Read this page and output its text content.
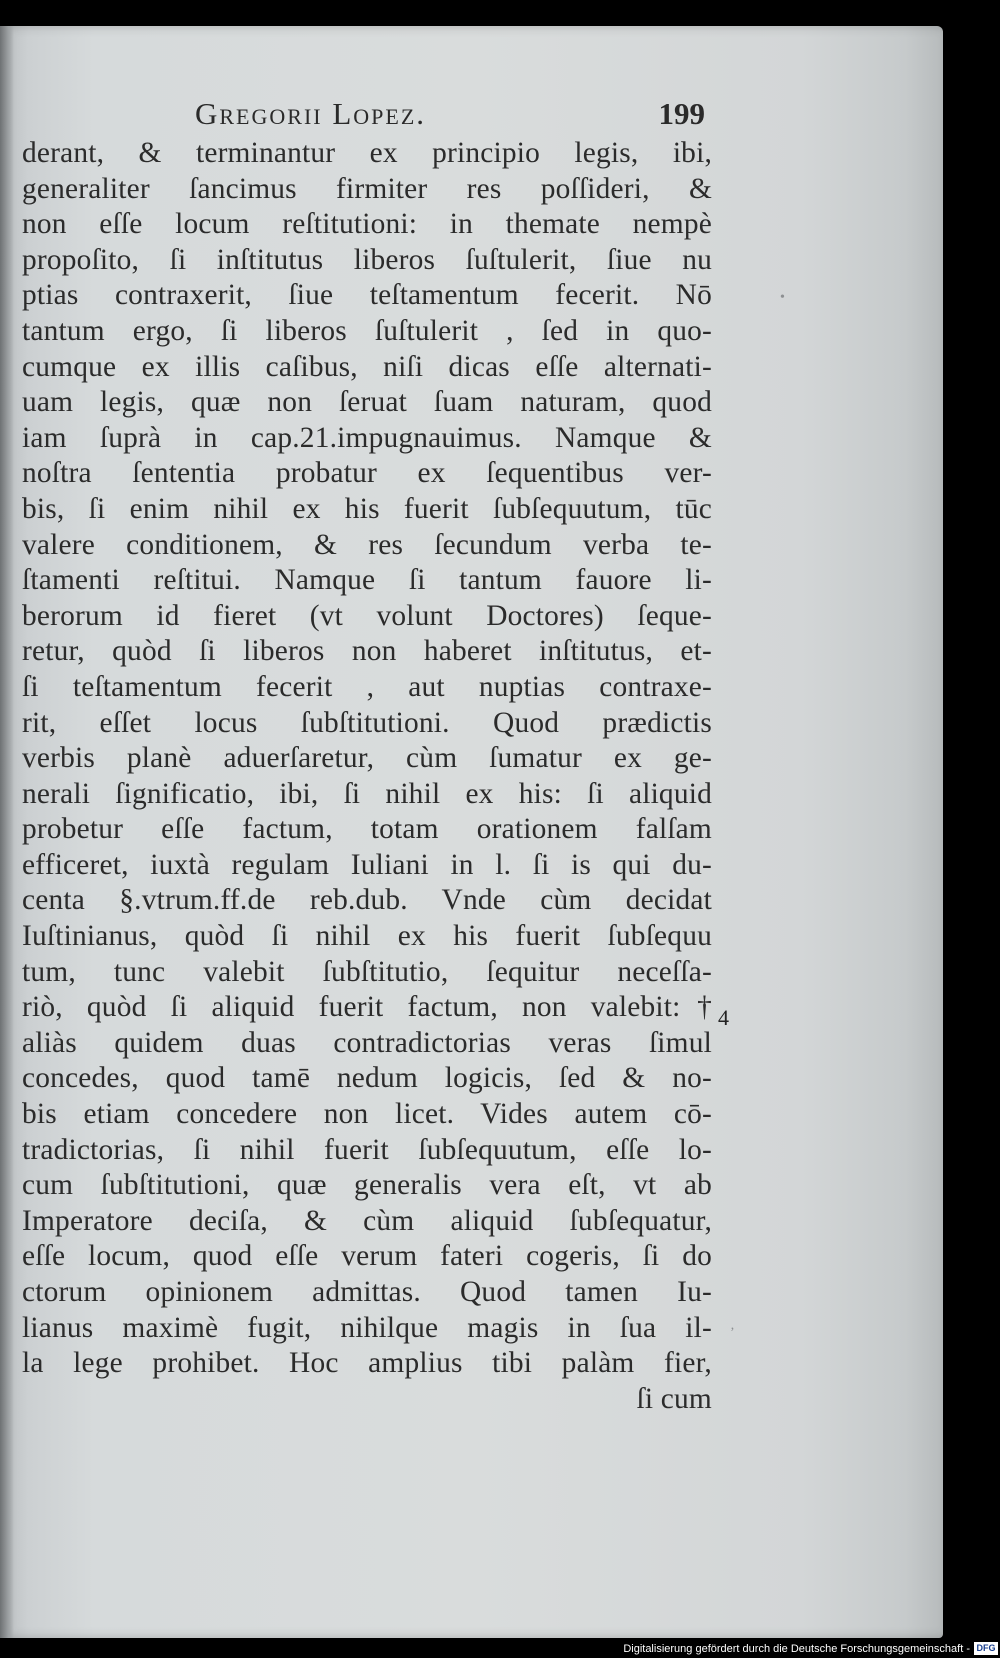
Gregorii Lopez.	199
derant, & terminantur ex principio legis, ibi,
generaliter ſancimus firmiter res poſſideri, &
non eſſe locum reſtitutioni: in themate nempè
propoſito, ſi inſtitutus liberos ſuſtulerit, ſiue nu
ptias contraxerit, ſiue teſtamentum fecerit. Nō
tantum ergo, ſi liberos ſuſtulerit , ſed in quo-
cumque ex illis caſibus, niſi dicas eſſe alternati-
uam legis, quæ non ſeruat ſuam naturam, quod
iam ſuprà in cap.21.impugnauimus. Namque &
noſtra ſententia probatur ex ſequentibus ver-
bis, ſi enim nihil ex his fuerit ſubſequutum, tūc
valere conditionem, & res ſecundum verba te-
ſtamenti reſtitui. Namque ſi tantum fauore li-
berorum id fieret (vt volunt Doctores) ſeque-
retur, quòd ſi liberos non haberet inſtitutus, et-
ſi teſtamentum fecerit , aut nuptias contraxe-
rit, eſſet locus ſubſtitutioni. Quod prædictis
verbis planè aduerſaretur, cùm ſumatur ex ge-
nerali ſignificatio, ibi, ſi nihil ex his: ſi aliquid
probetur eſſe factum, totam orationem falſam
efficeret, iuxtà regulam Iuliani in l. ſi is qui du-
centa §.vtrum.ff.de reb.dub. Vnde cùm decidat
Iuſtinianus, quòd ſi nihil ex his fuerit ſubſequu
tum, tunc valebit ſubſtitutio, ſequitur neceſſa-
riò, quòd ſi aliquid fuerit factum, non valebit:†
aliàs quidem duas contradictorias veras ſimul
concedes, quod tamē nedum logicis, ſed & no-
bis etiam concedere non licet. Vides autem cō-
tradictorias, ſi nihil fuerit ſubſequutum, eſſe lo-
cum ſubſtitutioni, quæ generalis vera eſt, vt ab
Imperatore deciſa, & cùm aliquid ſubſequatur,
eſſe locum, quod eſſe verum fateri cogeris, ſi do
ctorum opinionem admittas. Quod tamen Iu-
lianus maximè fugit, nihilque magis in ſua il-
la lege prohibet. Hoc amplius tibi palàm fier,
ſi cum
4
•
‚
Digitalisierung gefördert durch die Deutsche Forschungsgemeinschaft - DFG
